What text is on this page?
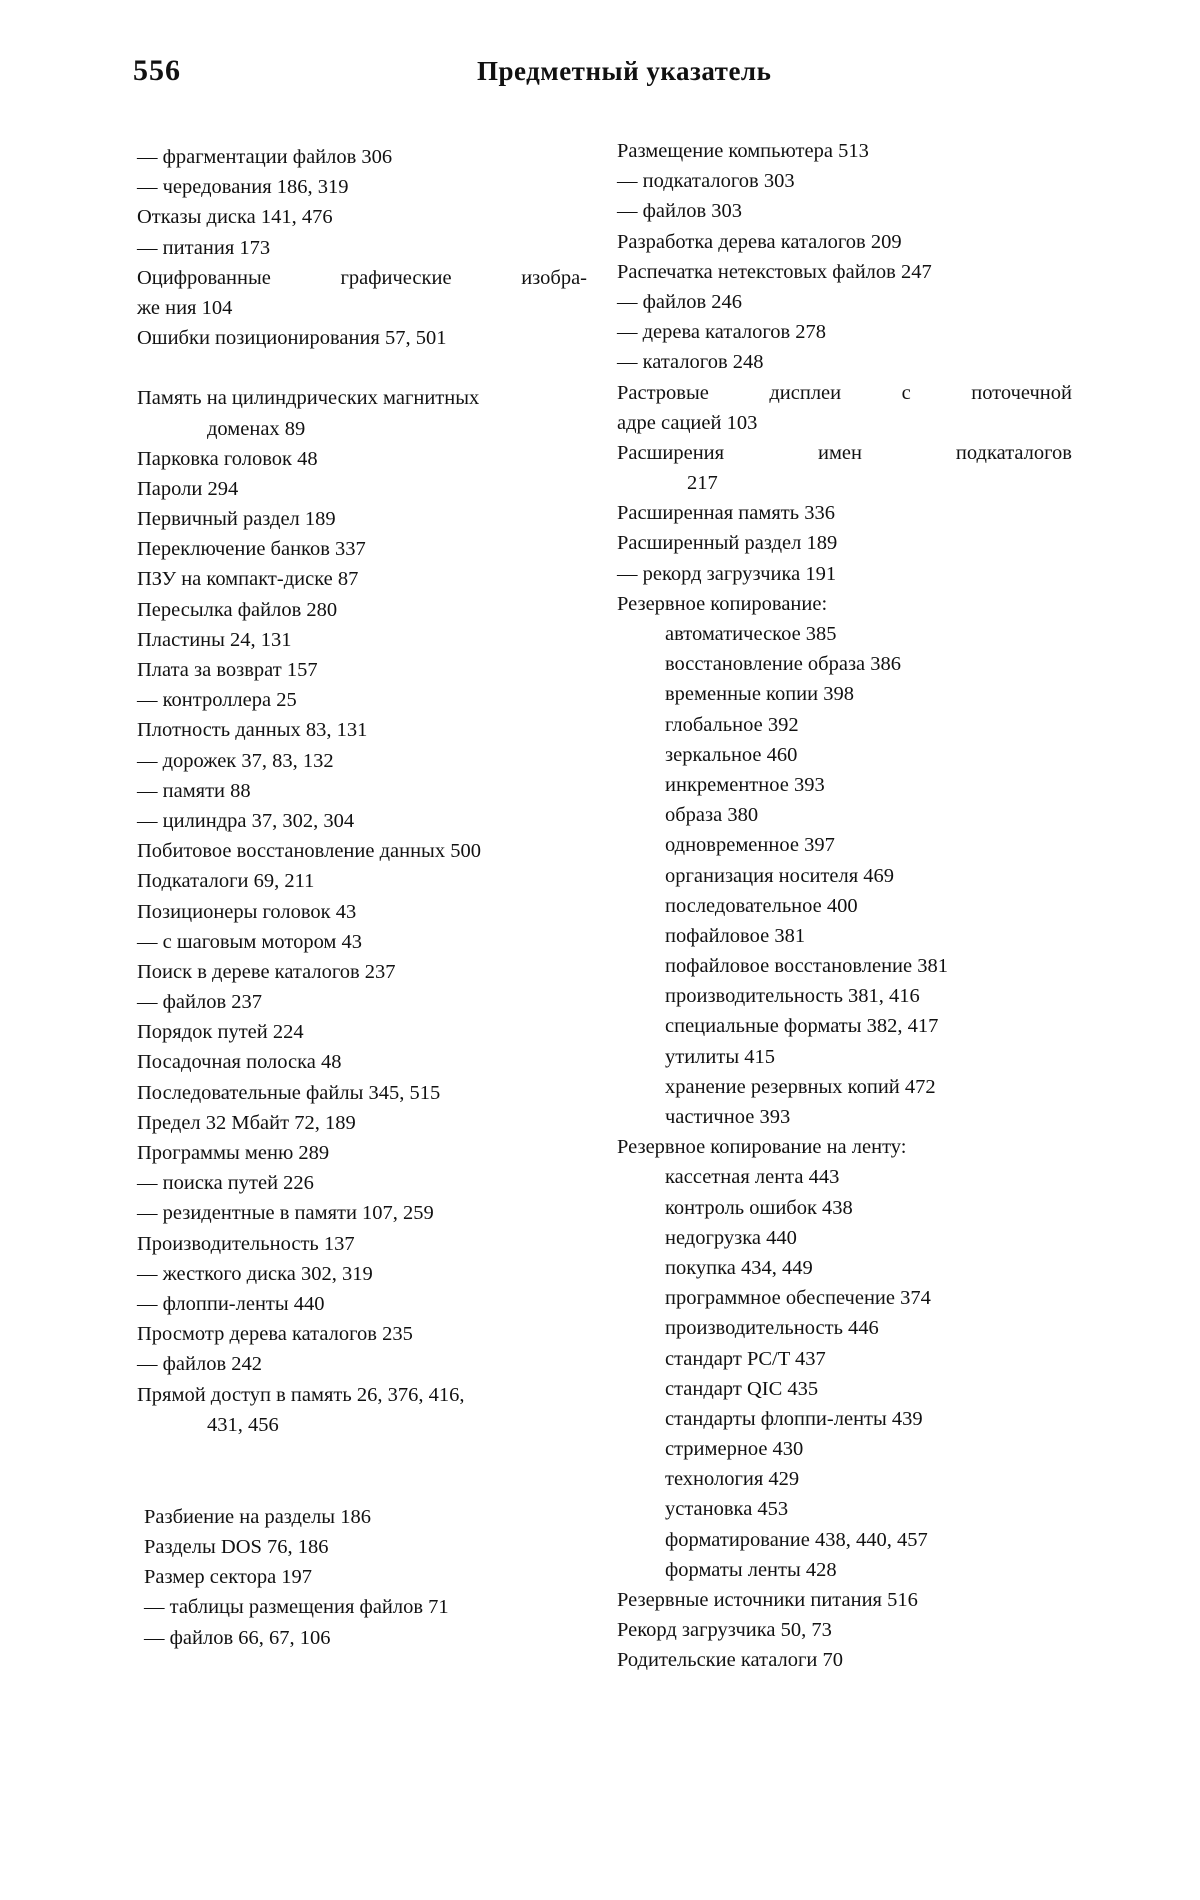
556	Предметный указатель
— фрагментации файлов 306
— чередования 186, 319
Отказы диска 141, 476
— питания 173
Оцифрованные графические изобра-
же ния 104
Ошибки позиционирования 57, 501
Память на цилиндрических магнитных
доменах 89
Парковка головок 48
Пароли 294
Первичный раздел 189
Переключение банков 337
ПЗУ на компакт-диске 87
Пересылка файлов 280
Пластины 24, 131
Плата за возврат 157
— контроллера 25
Плотность данных 83, 131
— дорожек 37, 83, 132
— памяти 88
— цилиндра 37, 302, 304
Побитовое восстановление данных 500
Подкаталоги 69, 211
Позиционеры головок 43
— с шаговым мотором 43
Поиск в дереве каталогов 237
— файлов 237
Порядок путей 224
Посадочная полоска 48
Последовательные файлы 345, 515
Предел 32 Мбайт 72, 189
Программы меню 289
— поиска путей 226
— резидентные в памяти 107, 259
Производительность 137
— жесткого диска 302, 319
— флоппи-ленты 440
Просмотр дерева каталогов 235
— файлов 242
Прямой доступ в память 26, 376, 416,
431, 456
Разбиение на разделы 186
Разделы DOS 76, 186
Размер сектора 197
— таблицы размещения файлов 71
— файлов 66, 67, 106
Размещение компьютера 513
— подкаталогов 303
— файлов 303
Разработка дерева каталогов 209
Распечатка нетекстовых файлов 247
— файлов 246
— дерева каталогов 278
— каталогов 248
Растровые дисплеи с поточечной
адре сацией 103
Расширения имен подкаталогов
217
Расширенная память 336
Расширенный раздел 189
— рекорд загрузчика 191
Резервное копирование:
автоматическое 385
восстановление образа 386
временные копии 398
глобальное 392
зеркальное 460
инкрементное 393
образа 380
одновременное 397
организация носителя 469
последовательное 400
пофайловое 381
пофайловое восстановление 381
производительность 381, 416
специальные форматы 382, 417
утилиты 415
хранение резервных копий 472
частичное 393
Резервное копирование на ленту:
кассетная лента 443
контроль ошибок 438
недогрузка 440
покупка 434, 449
программное обеспечение 374
производительность 446
стандарт PC/T 437
стандарт QIC 435
стандарты флоппи-ленты 439
стримерное 430
технология 429
установка 453
форматирование 438, 440, 457
форматы ленты 428
Резервные источники питания 516
Рекорд загрузчика 50, 73
Родительские каталоги 70
